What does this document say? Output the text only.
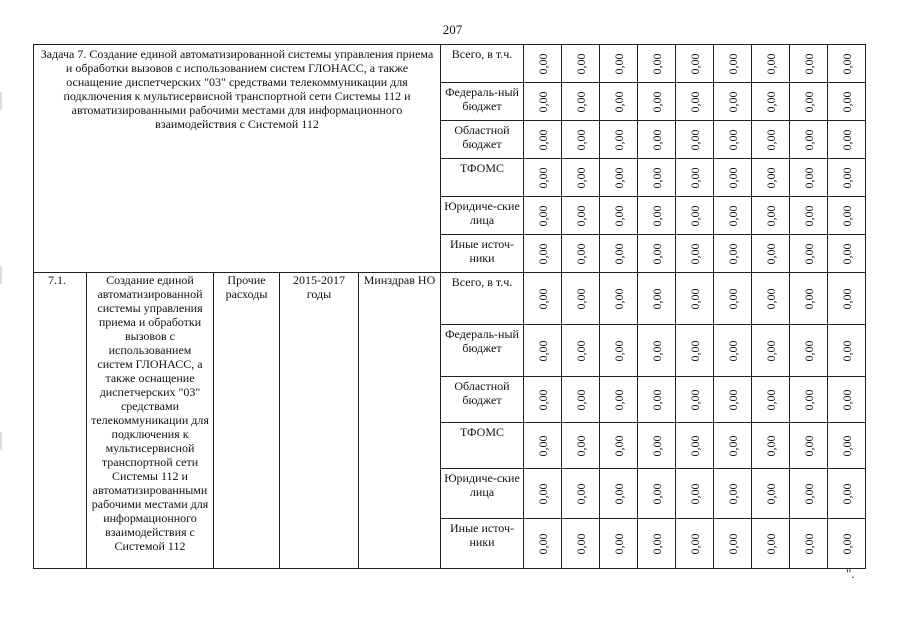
207
Задача 7. Создание единой автоматизированной системы управления приема и обработки вызовов с использованием систем ГЛОНАСС, а также оснащение диспетчерских "03" средствами телекоммуникации для подключения к мультисервисной транспортной сети Системы 112 и автоматизированными рабочими местами для информационного взаимодействия с Системой 112					Всего, в т.ч.	0,00	0,00	0,00	0,00	0,00	0,00	0,00	0,00	0,00

					Федераль-ный бюджет	0,00	0,00	0,00	0,00	0,00	0,00	0,00	0,00	0,00

					Областной бюджет	0,00	0,00	0,00	0,00	0,00	0,00	0,00	0,00	0,00

					ТФОМС	0,00	0,00	0,00	0,00	0,00	0,00	0,00	0,00	0,00

					Юридиче-ские лица	0,00	0,00	0,00	0,00	0,00	0,00	0,00	0,00	0,00

					Иные источ-ники	0,00	0,00	0,00	0,00	0,00	0,00	0,00	0,00	0,00

7.1.	Создание единой автоматизированной системы управления приема и обработки вызовов с использованием систем ГЛОНАСС, а также оснащение диспетчерских "03" средствами телекоммуникации для подключения к мультисервисной транспортной сети Системы 112 и автоматизированными рабочими местами для информационного взаимодействия с Системой 112	Прочие расходы	2015-2017 годы	Минздрав НО	Всего, в т.ч.	0,00	0,00	0,00	0,00	0,00	0,00	0,00	0,00	0,00

					Федераль-ный бюджет	0,00	0,00	0,00	0,00	0,00	0,00	0,00	0,00	0,00

					Областной бюджет	0,00	0,00	0,00	0,00	0,00	0,00	0,00	0,00	0,00

					ТФОМС	0,00	0,00	0,00	0,00	0,00	0,00	0,00	0,00	0,00

					Юридиче-ские лица	0,00	0,00	0,00	0,00	0,00	0,00	0,00	0,00	0,00

					Иные источ-ники	0,00	0,00	0,00	0,00	0,00	0,00	0,00	0,00	0,00
".
